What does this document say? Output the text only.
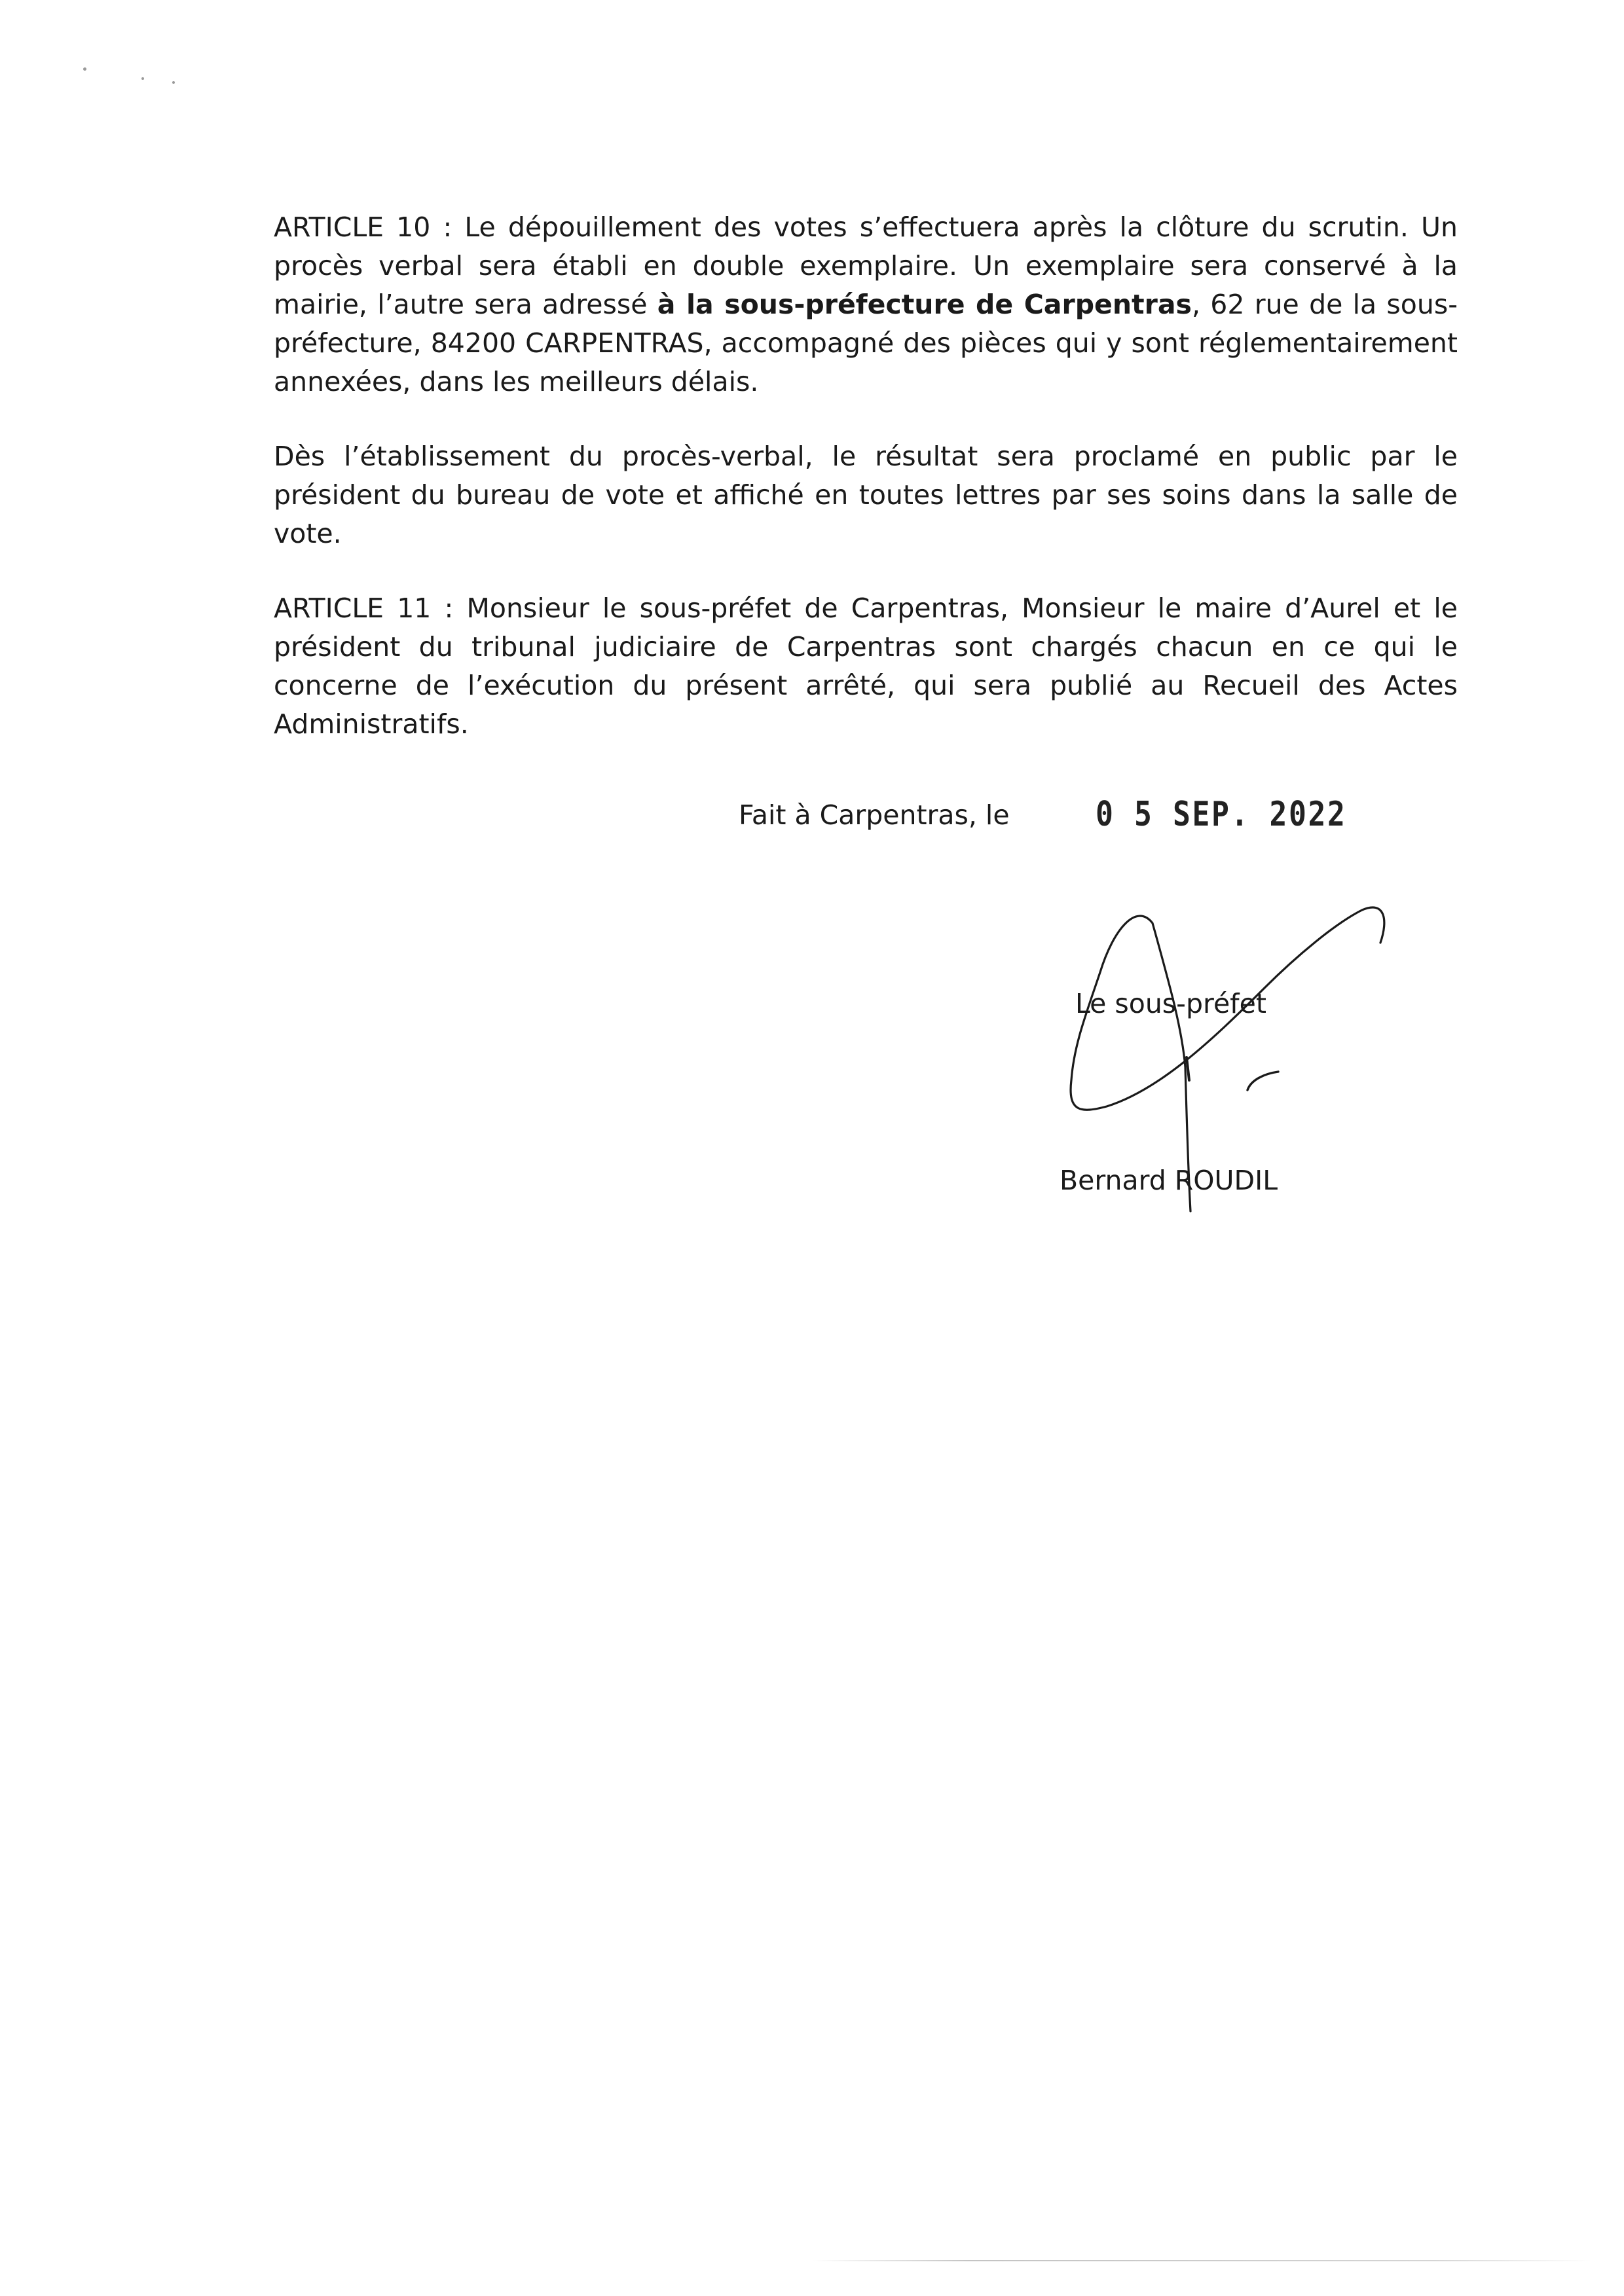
ARTICLE 10 : Le dépouillement des votes s’effectuera après la clôture du scrutin. Un procès verbal sera établi en double exemplaire. Un exemplaire sera conservé à la mairie, l’autre sera adressé à la sous-préfecture de Carpentras, 62 rue de la sous-préfecture, 84200 CARPENTRAS, accompagné des pièces qui y sont réglementairement annexées, dans les meilleurs délais.

Dès l’établissement du procès-verbal, le résultat sera proclamé en public par le président du bureau de vote et affiché en toutes lettres par ses soins dans la salle de vote.

ARTICLE 11 : Monsieur le sous-préfet de Carpentras, Monsieur le maire d’Aurel et le président du tribunal judiciaire de Carpentras sont chargés chacun en ce qui le concerne de l’exécution du présent arrêté, qui sera publié au Recueil des Actes Administratifs.

Fait à Carpentras, le	0 5 SEP. 2022
Le sous-préfet
Bernard ROUDIL
